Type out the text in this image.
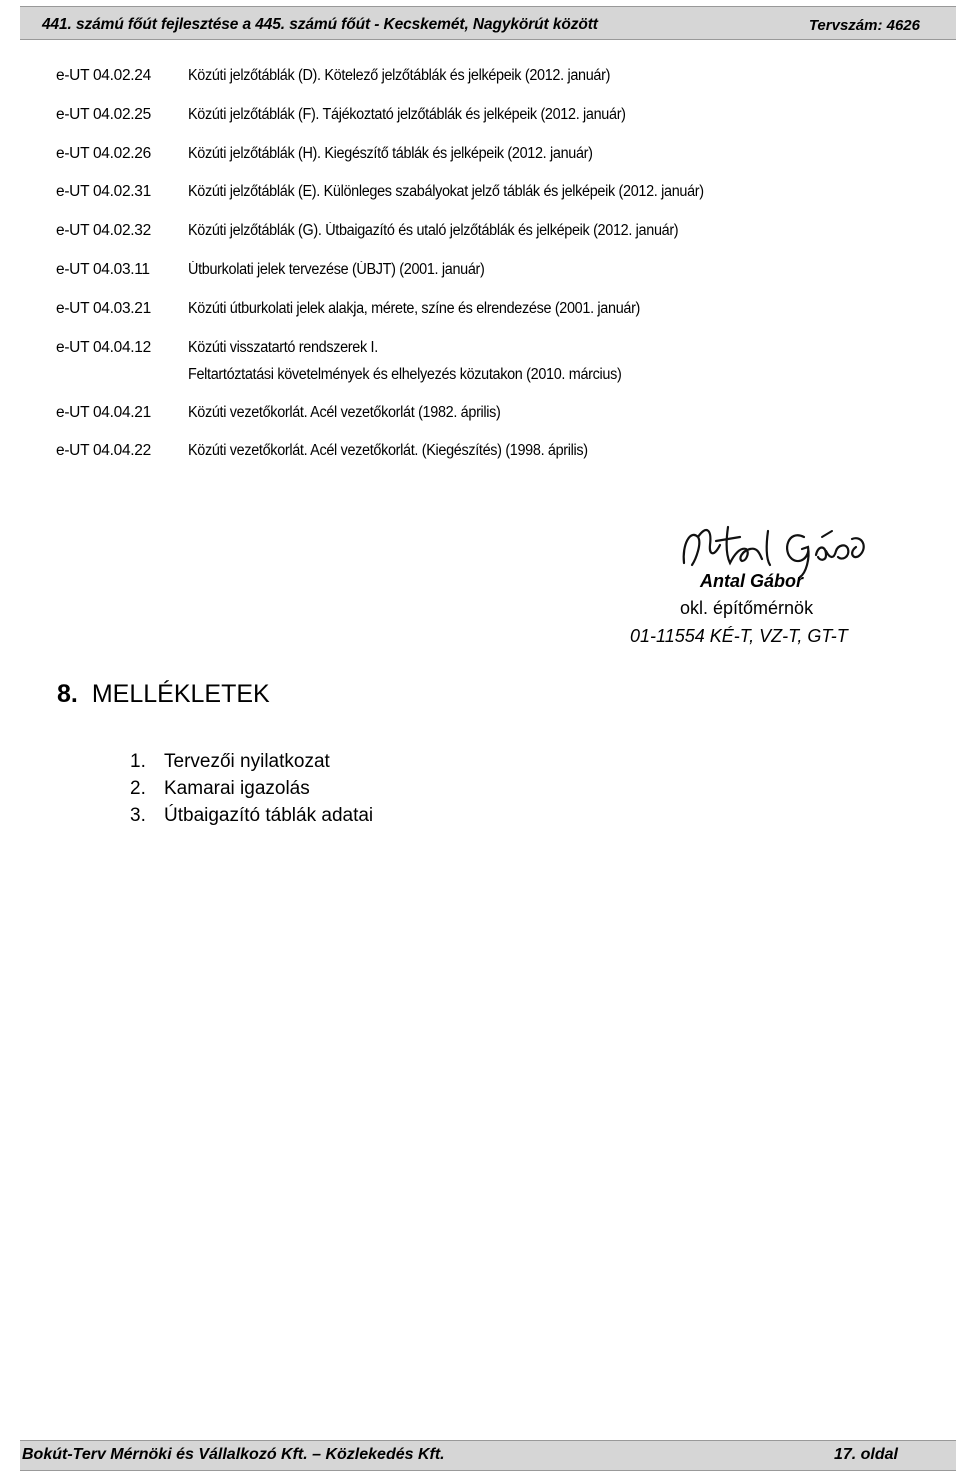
441. számú főút fejlesztése a 445. számú főút - Kecskemét, Nagykörút között	Tervszám: 4626
e-UT 04.02.24 Közúti jelzőtáblák (D). Kötelező jelzőtáblák és jelképeik (2012. január)
e-UT 04.02.25 Közúti jelzőtáblák (F). Tájékoztató jelzőtáblák és jelképeik (2012. január)
e-UT 04.02.26 Közúti jelzőtáblák (H). Kiegészítő táblák és jelképeik (2012. január)
e-UT 04.02.31 Közúti jelzőtáblák (E). Különleges szabályokat jelző táblák és jelképeik (2012. január)
e-UT 04.02.32 Közúti jelzőtáblák (G). Útbaigazító és utaló jelzőtáblák és jelképeik (2012. január)
e-UT 04.03.11 Útburkolati jelek tervezése (ÚBJT) (2001. január)
e-UT 04.03.21 Közúti útburkolati jelek alakja, mérete, színe és elrendezése (2001. január)
e-UT 04.04.12 Közúti visszatartó rendszerek I.
Feltartóztatási követelmények és elhelyezés közutakon (2010. március)
e-UT 04.04.21 Közúti vezetőkorlát. Acél vezetőkorlát (1982. április)
e-UT 04.04.22 Közúti vezetőkorlát. Acél vezetőkorlát. (Kiegészítés) (1998. április)
Antal Gábor
okl. építőmérnök
01-11554 KÉ-T, VZ-T, GT-T
8. MELLÉKLETEK
1. Tervezői nyilatkozat
2. Kamarai igazolás
3. Útbaigazító táblák adatai
Bokút-Terv Mérnöki és Vállalkozó Kft. – Közlekedés Kft.	17. oldal
